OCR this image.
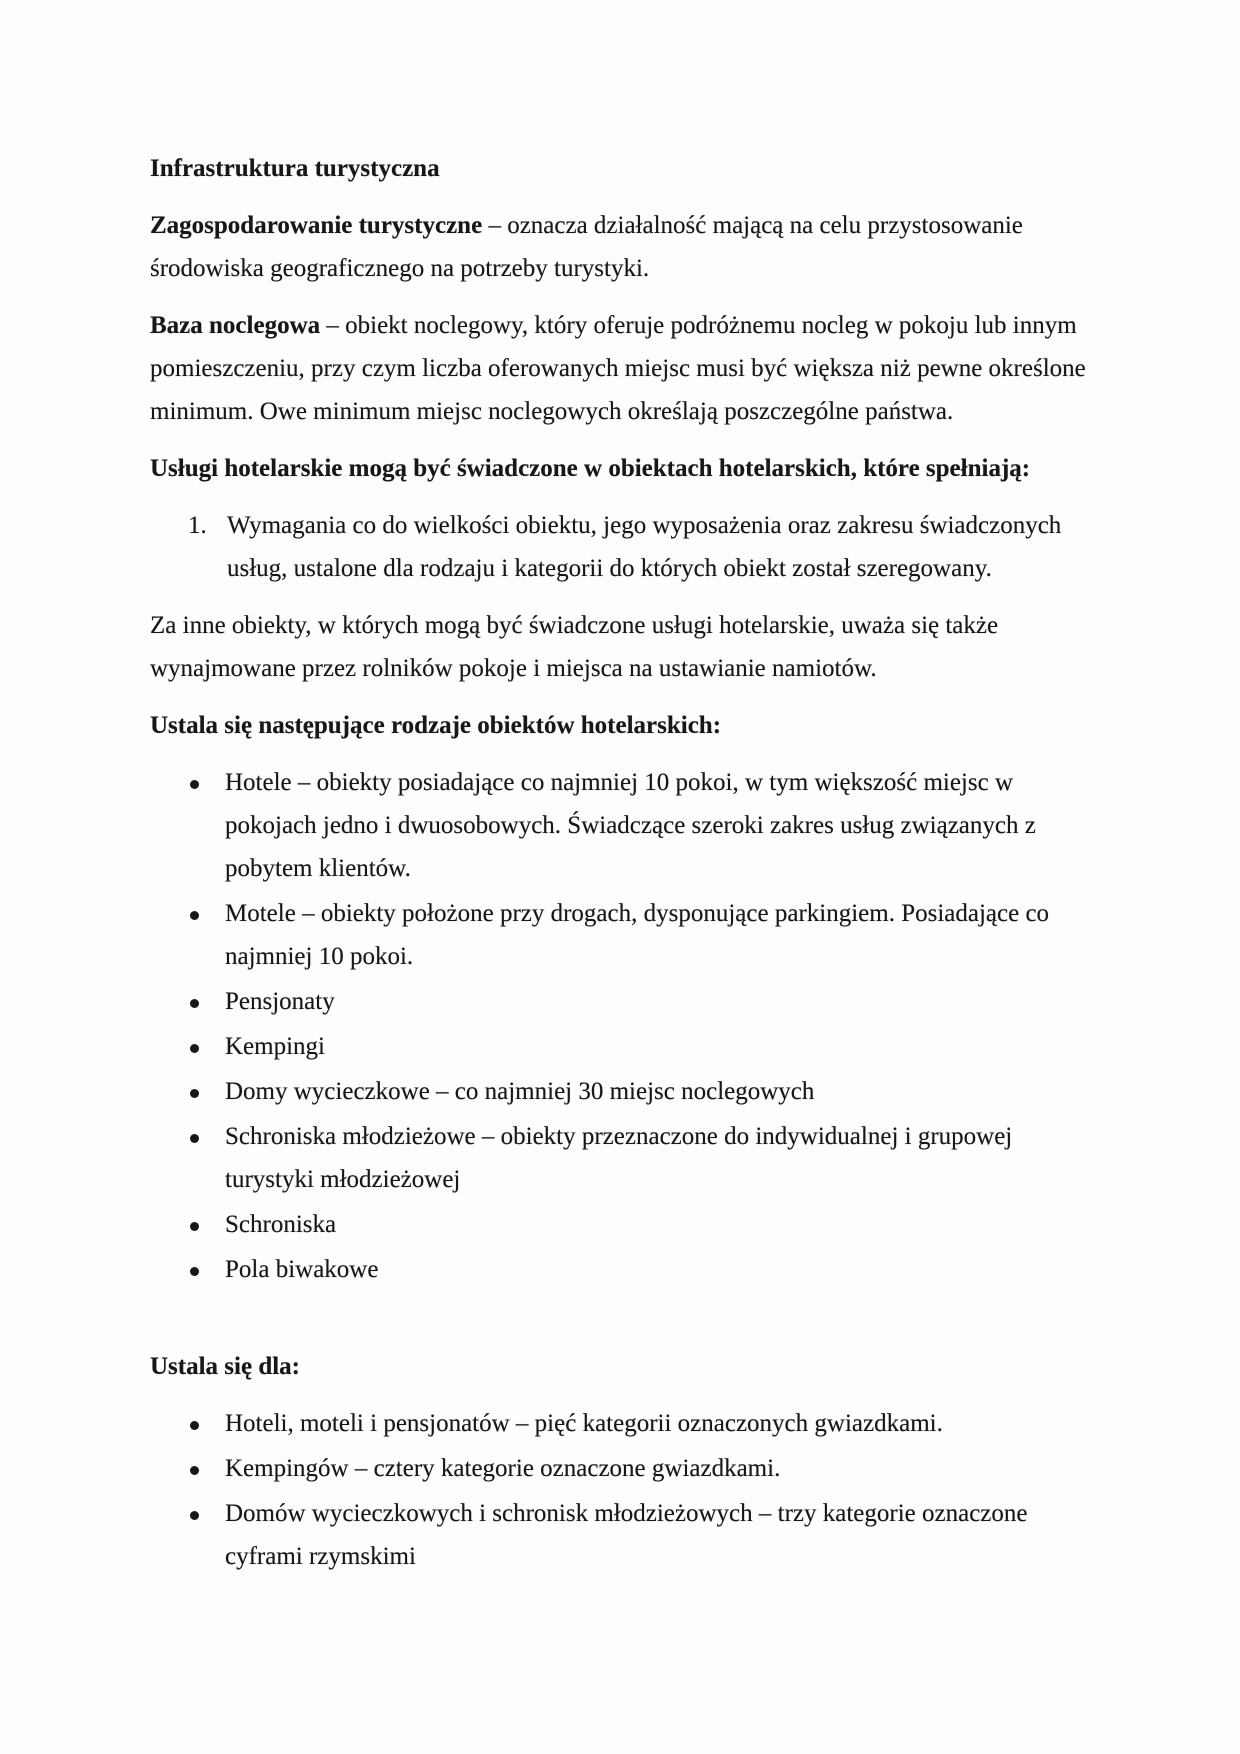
Infrastruktura turystyczna

Zagospodarowanie turystyczne – oznacza działalność mającą na celu przystosowanie środowiska geograficznego na potrzeby turystyki.

Baza noclegowa – obiekt noclegowy, który oferuje podróżnemu nocleg w pokoju lub innym pomieszczeniu, przy czym liczba oferowanych miejsc musi być większa niż pewne określone minimum. Owe minimum miejsc noclegowych określają poszczególne państwa.

Usługi hotelarskie mogą być świadczone w obiektach hotelarskich, które spełniają:
1. Wymagania co do wielkości obiektu, jego wyposażenia oraz zakresu świadczonych usług, ustalone dla rodzaju i kategorii do których obiekt został szeregowany.

Za inne obiekty, w których mogą być świadczone usługi hotelarskie, uważa się także wynajmowane przez rolników pokoje i miejsca na ustawianie namiotów.

Ustala się następujące rodzaje obiektów hotelarskich:
Hotele – obiekty posiadające co najmniej 10 pokoi, w tym większość miejsc w pokojach jedno i dwuosobowych. Świadczące szeroki zakres usług związanych z pobytem klientów.
Motele – obiekty położone przy drogach, dysponujące parkingiem. Posiadające co najmniej 10 pokoi.
Pensjonaty
Kempingi
Domy wycieczkowe – co najmniej 30 miejsc noclegowych
Schroniska młodzieżowe – obiekty przeznaczone do indywidualnej i grupowej turystyki młodzieżowej
Schroniska
Pola biwakowe
Ustala się dla:
Hoteli, moteli i pensjonatów – pięć kategorii oznaczonych gwiazdkami.
Kempingów – cztery kategorie oznaczone gwiazdkami.
Domów wycieczkowych i schronisk młodzieżowych – trzy kategorie oznaczone cyframi rzymskimi
